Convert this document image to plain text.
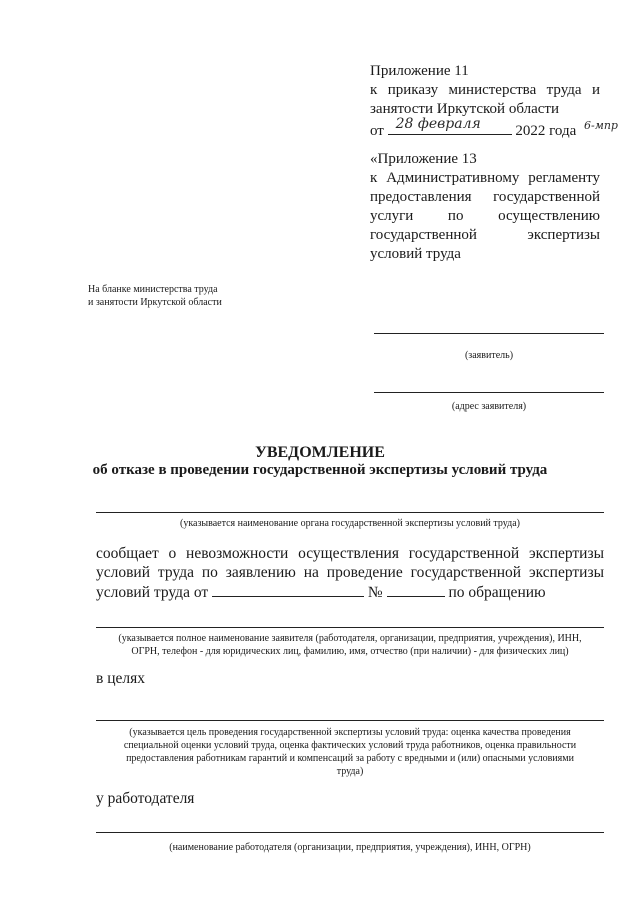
Приложение 11
к приказу министерства труда и
занятости Иркутской области
от 28 февраля 2022 года 6-мпр
«Приложение 13
к Административному регламенту
предоставления государственной
услуги по осуществлению
государственной экспертизы
условий труда
На бланке министерства труда
и занятости Иркутской области
(заявитель)
(адрес заявителя)
УВЕДОМЛЕНИЕ
об отказе в проведении государственной экспертизы условий труда
(указывается наименование органа государственной экспертизы условий труда)
сообщает о невозможности осуществления государственной экспертизы
условий труда по заявлению на проведение государственной экспертизы
условий труда от	№	по обращению
(указывается полное наименование заявителя (работодателя, организации, предприятия, учреждения), ИНН,
ОГРН, телефон - для юридических лиц, фамилию, имя, отчество (при наличии) - для физических лиц)
в целях
(указывается цель проведения государственной экспертизы условий труда: оценка качества проведения
специальной оценки условий труда, оценка фактических условий труда работников, оценка правильности
предоставления работникам гарантий и компенсаций за работу с вредными и (или) опасными условиями
труда)
у работодателя
(наименование работодателя (организации, предприятия, учреждения), ИНН, ОГРН)
